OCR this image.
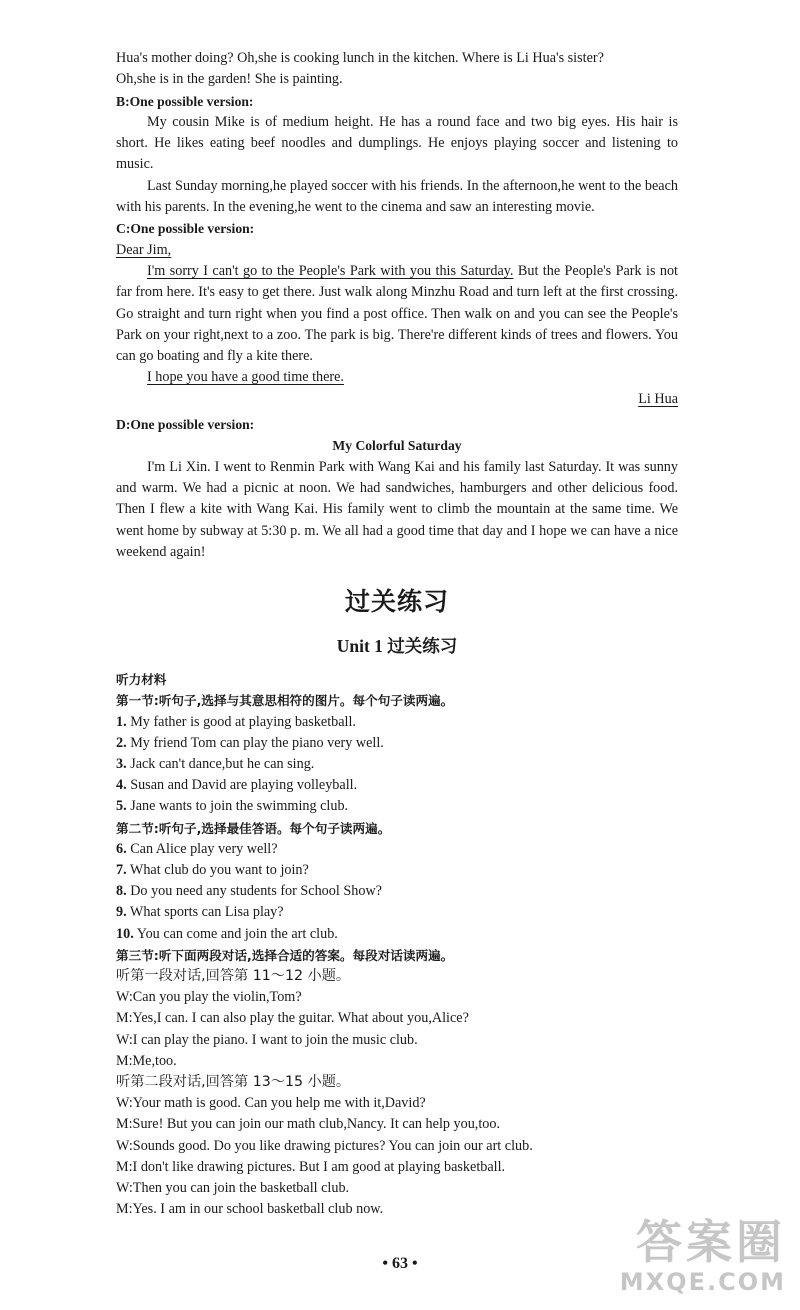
Hua's mother doing? Oh,she is cooking lunch in the kitchen. Where is Li Hua's sister?

Oh,she is in the garden! She is painting.

B:One possible version:

My cousin Mike is of medium height. He has a round face and two big eyes. His hair is short. He likes eating beef noodles and dumplings. He enjoys playing soccer and listening to music.

Last Sunday morning,he played soccer with his friends. In the afternoon,he went to the beach with his parents. In the evening,he went to the cinema and saw an interesting movie.

C:One possible version:

Dear Jim,

I'm sorry I can't go to the People's Park with you this Saturday. But the People's Park is not far from here. It's easy to get there. Just walk along Minzhu Road and turn left at the first crossing. Go straight and turn right when you find a post office. Then walk on and you can see the People's Park on your right,next to a zoo. The park is big. There're different kinds of trees and flowers. You can go boating and fly a kite there.

I hope you have a good time there.

Li Hua

D:One possible version:

My Colorful Saturday

I'm Li Xin. I went to Renmin Park with Wang Kai and his family last Saturday. It was sunny and warm. We had a picnic at noon. We had sandwiches, hamburgers and other delicious food. Then I flew a kite with Wang Kai. His family went to climb the mountain at the same time. We went home by subway at 5:30 p. m. We all had a good time that day and I hope we can have a nice weekend again!

过关练习
Unit 1 过关练习
听力材料
第一节:听句子,选择与其意思相符的图片。每个句子读两遍。
1. My father is good at playing basketball.
2. My friend Tom can play the piano very well.
3. Jack can't dance,but he can sing.
4. Susan and David are playing volleyball.
5. Jane wants to join the swimming club.
第二节:听句子,选择最佳答语。每个句子读两遍。
6. Can Alice play very well?
7. What club do you want to join?
8. Do you need any students for School Show?
9. What sports can Lisa play?
10. You can come and join the art club.
第三节:听下面两段对话,选择合适的答案。每段对话读两遍。
听第一段对话,回答第 11～12 小题。
W:Can you play the violin,Tom?
M:Yes,I can. I can also play the guitar. What about you,Alice?
W:I can play the piano. I want to join the music club.
M:Me,too.
听第二段对话,回答第 13～15 小题。
W:Your math is good. Can you help me with it,David?
M:Sure! But you can join our math club,Nancy. It can help you,too.
W:Sounds good. Do you like drawing pictures? You can join our art club.
M:I don't like drawing pictures. But I am good at playing basketball.
W:Then you can join the basketball club.
M:Yes. I am in our school basketball club now.
• 63 •	答案圈
MXQE.COM
